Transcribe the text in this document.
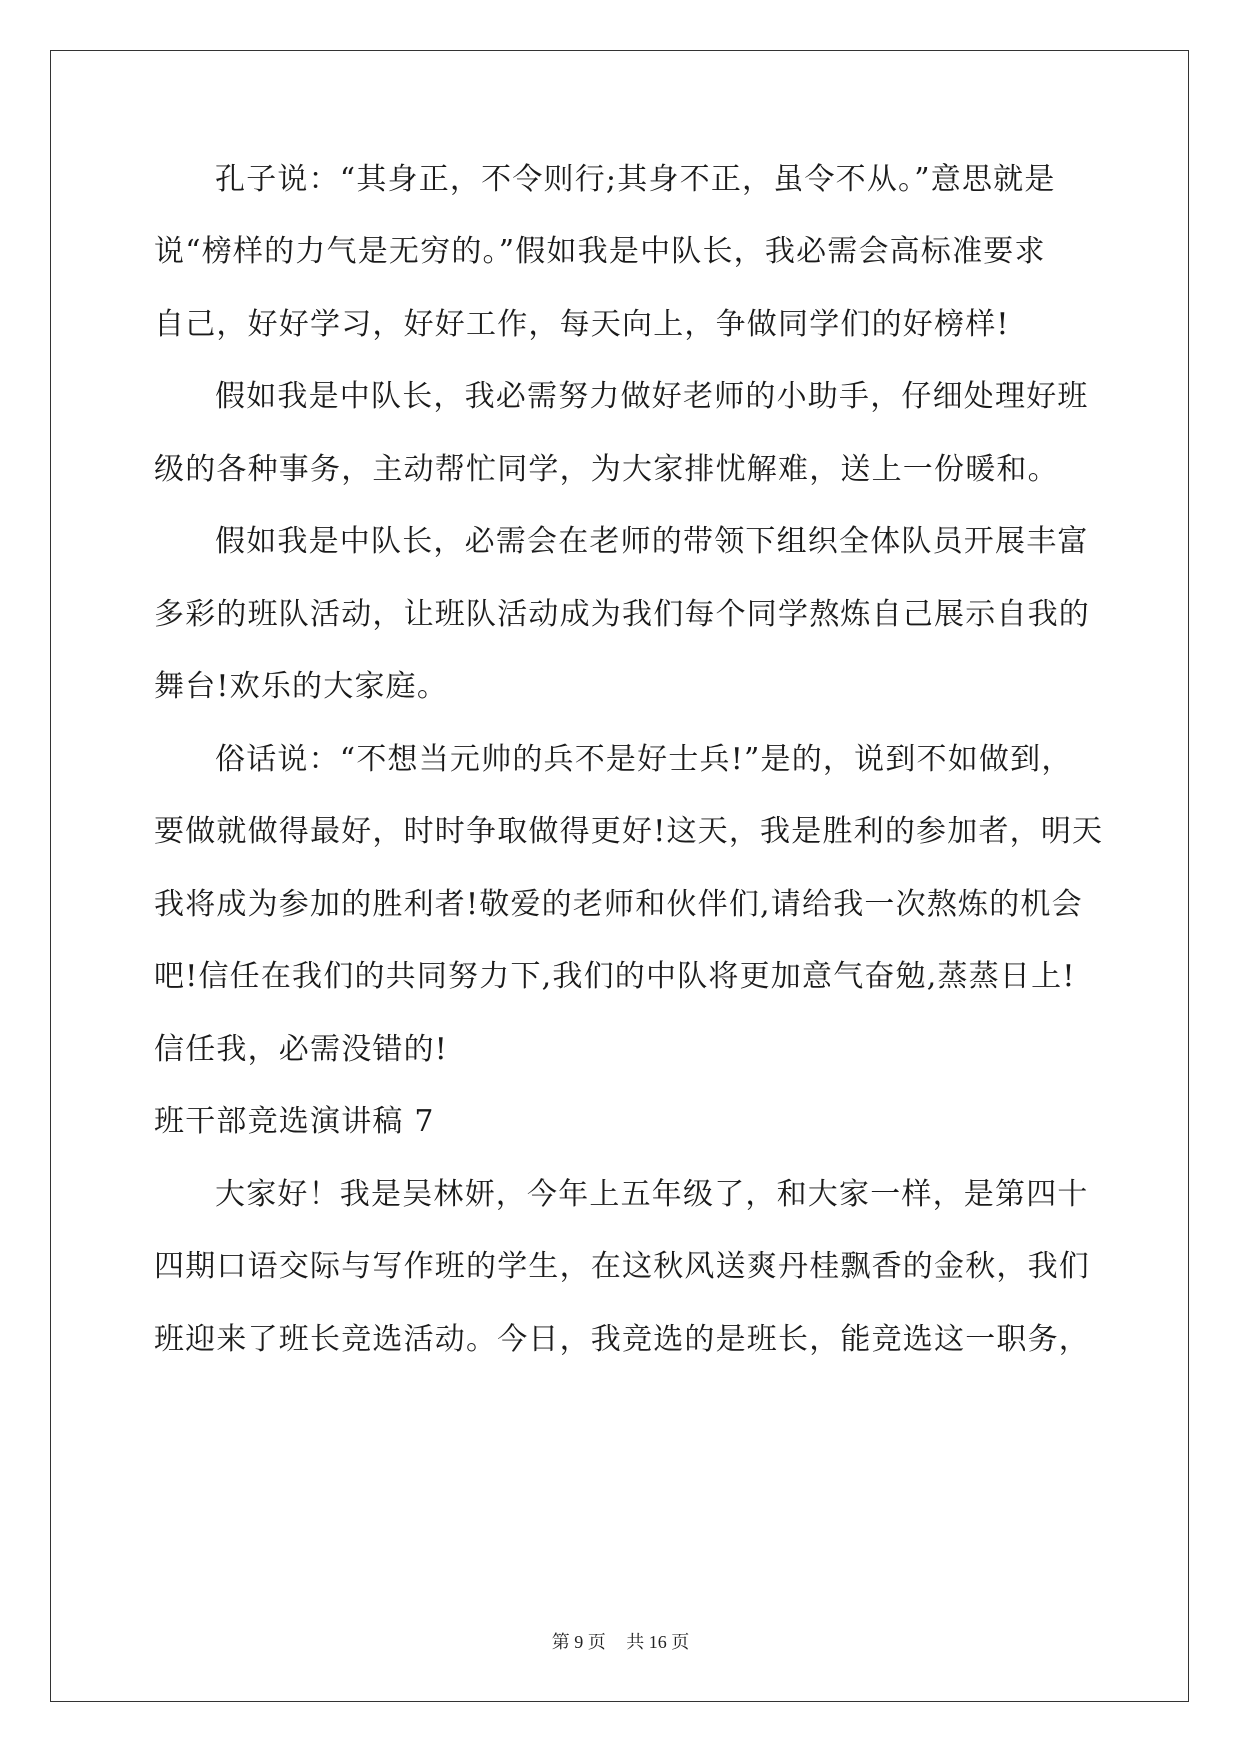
孔子说：“其身正，不令则行;其身不正，虽令不从。”意思就是
说“榜样的力气是无穷的。”假如我是中队长，我必需会高标准要求
自己，好好学习，好好工作，每天向上，争做同学们的好榜样!
假如我是中队长，我必需努力做好老师的小助手，仔细处理好班
级的各种事务，主动帮忙同学，为大家排忧解难，送上一份暖和。
假如我是中队长，必需会在老师的带领下组织全体队员开展丰富
多彩的班队活动，让班队活动成为我们每个同学熬炼自己展示自我的
舞台!欢乐的大家庭。
俗话说：“不想当元帅的兵不是好士兵!”是的，说到不如做到，
要做就做得最好，时时争取做得更好!这天，我是胜利的参加者，明天
我将成为参加的胜利者!敬爱的老师和伙伴们,请给我一次熬炼的机会
吧!信任在我们的共同努力下,我们的中队将更加意气奋勉,蒸蒸日上!
信任我，必需没错的!
班干部竞选演讲稿 7
大家好！我是吴林妍，今年上五年级了，和大家一样，是第四十
四期口语交际与写作班的学生，在这秋风送爽丹桂飘香的金秋，我们
班迎来了班长竞选活动。今日，我竞选的是班长，能竞选这一职务，
第 9 页 共 16 页
